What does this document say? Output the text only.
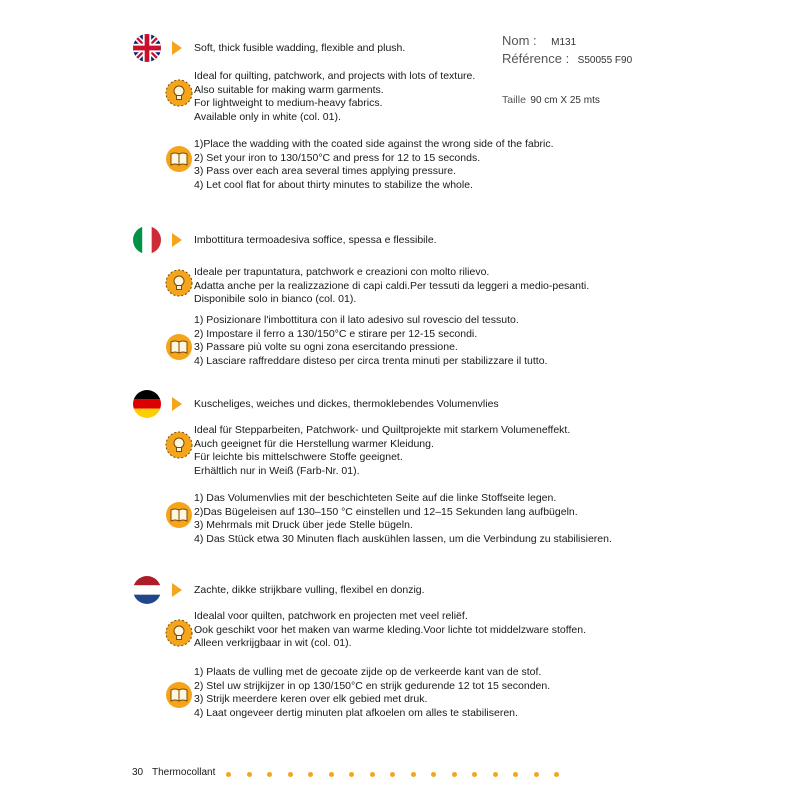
Nom : M131
Référence : S50055 F90
Taille 90 cm X 25 mts
Soft, thick fusible wadding, flexible and plush.
Ideal for quilting, patchwork, and projects with lots of texture.
Also suitable for making warm garments.
For lightweight to medium-heavy fabrics.
Available only in white (col. 01).
1)Place the wadding with the coated side against the wrong side of the fabric.
2) Set your iron to 130/150°C and press for 12 to 15 seconds.
3) Pass over each area several times applying pressure.
4) Let cool flat for about thirty minutes to stabilize the whole.
Imbottitura termoadesiva soffice, spessa e flessibile.
Ideale per trapuntatura, patchwork e creazioni con molto rilievo.
Adatta anche per la realizzazione di capi caldi.Per tessuti da leggeri a medio-pesanti.
Disponibile solo in bianco (col. 01).
1) Posizionare l'imbottitura con il lato adesivo sul rovescio del tessuto.
2) Impostare il ferro a 130/150°C e stirare per 12-15 secondi.
3) Passare più volte su ogni zona esercitando pressione.
4) Lasciare raffreddare disteso per circa trenta minuti per stabilizzare il tutto.
Kuscheliges, weiches und dickes, thermoklebendes Volumenvlies
Ideal für Stepparbeiten, Patchwork- und Quiltprojekte mit starkem Volumeneffekt.
Auch geeignet für die Herstellung warmer Kleidung.
Für leichte bis mittelschwere Stoffe geeignet.
Erhältlich nur in Weiß (Farb-Nr. 01).
1) Das Volumenvlies mit der beschichteten Seite auf die linke Stoffseite legen.
2)Das Bügeleisen auf 130–150 °C einstellen und 12–15 Sekunden lang aufbügeln.
3) Mehrmals mit Druck über jede Stelle bügeln.
4) Das Stück etwa 30 Minuten flach auskühlen lassen, um die Verbindung zu stabilisieren.
Zachte, dikke strijkbare vulling, flexibel en donzig.
Idealal voor quilten, patchwork en projecten met veel reliëf.
Ook geschikt voor het maken van warme kleding.Voor lichte tot middelzware stoffen.
Alleen verkrijgbaar in wit (col. 01).
1) Plaats de vulling met de gecoate zijde op de verkeerde kant van de stof.
2) Stel uw strijkijzer in op 130/150°C en strijk gedurende 12 tot 15 seconden.
3) Strijk meerdere keren over elk gebied met druk.
4) Laat ongeveer dertig minuten plat afkoelen om alles te stabiliseren.
30 Thermocollant
